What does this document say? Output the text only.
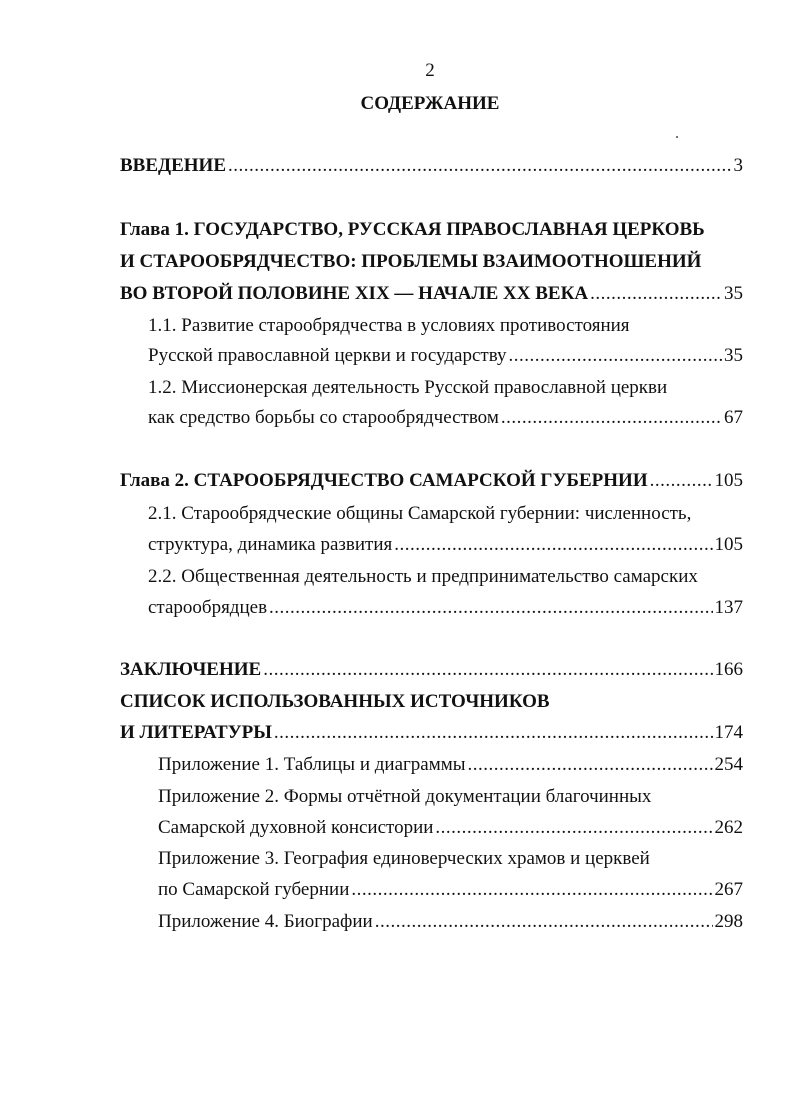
2
СОДЕРЖАНИЕ
ВВЕДЕНИЕ .....	3
Глава 1. ГОСУДАРСТВО, РУССКАЯ ПРАВОСЛАВНАЯ ЦЕРКОВЬ
И СТАРООБРЯДЧЕСТВО: ПРОБЛЕМЫ ВЗАИМООТНОШЕНИЙ
ВО ВТОРОЙ ПОЛОВИНЕ XIX — НАЧАЛЕ XX ВЕКА .....	35
1.1. Развитие старообрядчества в условиях противостояния
Русской православной церкви и государству .....	35
1.2. Миссионерская деятельность Русской православной церкви
как средство борьбы со старообрядчеством .....	67
Глава 2. СТАРООБРЯДЧЕСТВО САМАРСКОЙ ГУБЕРНИИ .....	105
2.1. Старообрядческие общины Самарской губернии: численность,
структура, динамика развития .....	105
2.2. Общественная деятельность и предпринимательство самарских
старообрядцев .....	137
ЗАКЛЮЧЕНИЕ .....	166
СПИСОК ИСПОЛЬЗОВАННЫХ ИСТОЧНИКОВ
И ЛИТЕРАТУРЫ .....	174
Приложение 1. Таблицы и диаграммы .....	254
Приложение 2. Формы отчётной документации благочинных
Самарской духовной консистории .....	262
Приложение 3. География единоверческих храмов и церквей
по Самарской губернии .....	267
Приложение 4. Биографии .....	298
